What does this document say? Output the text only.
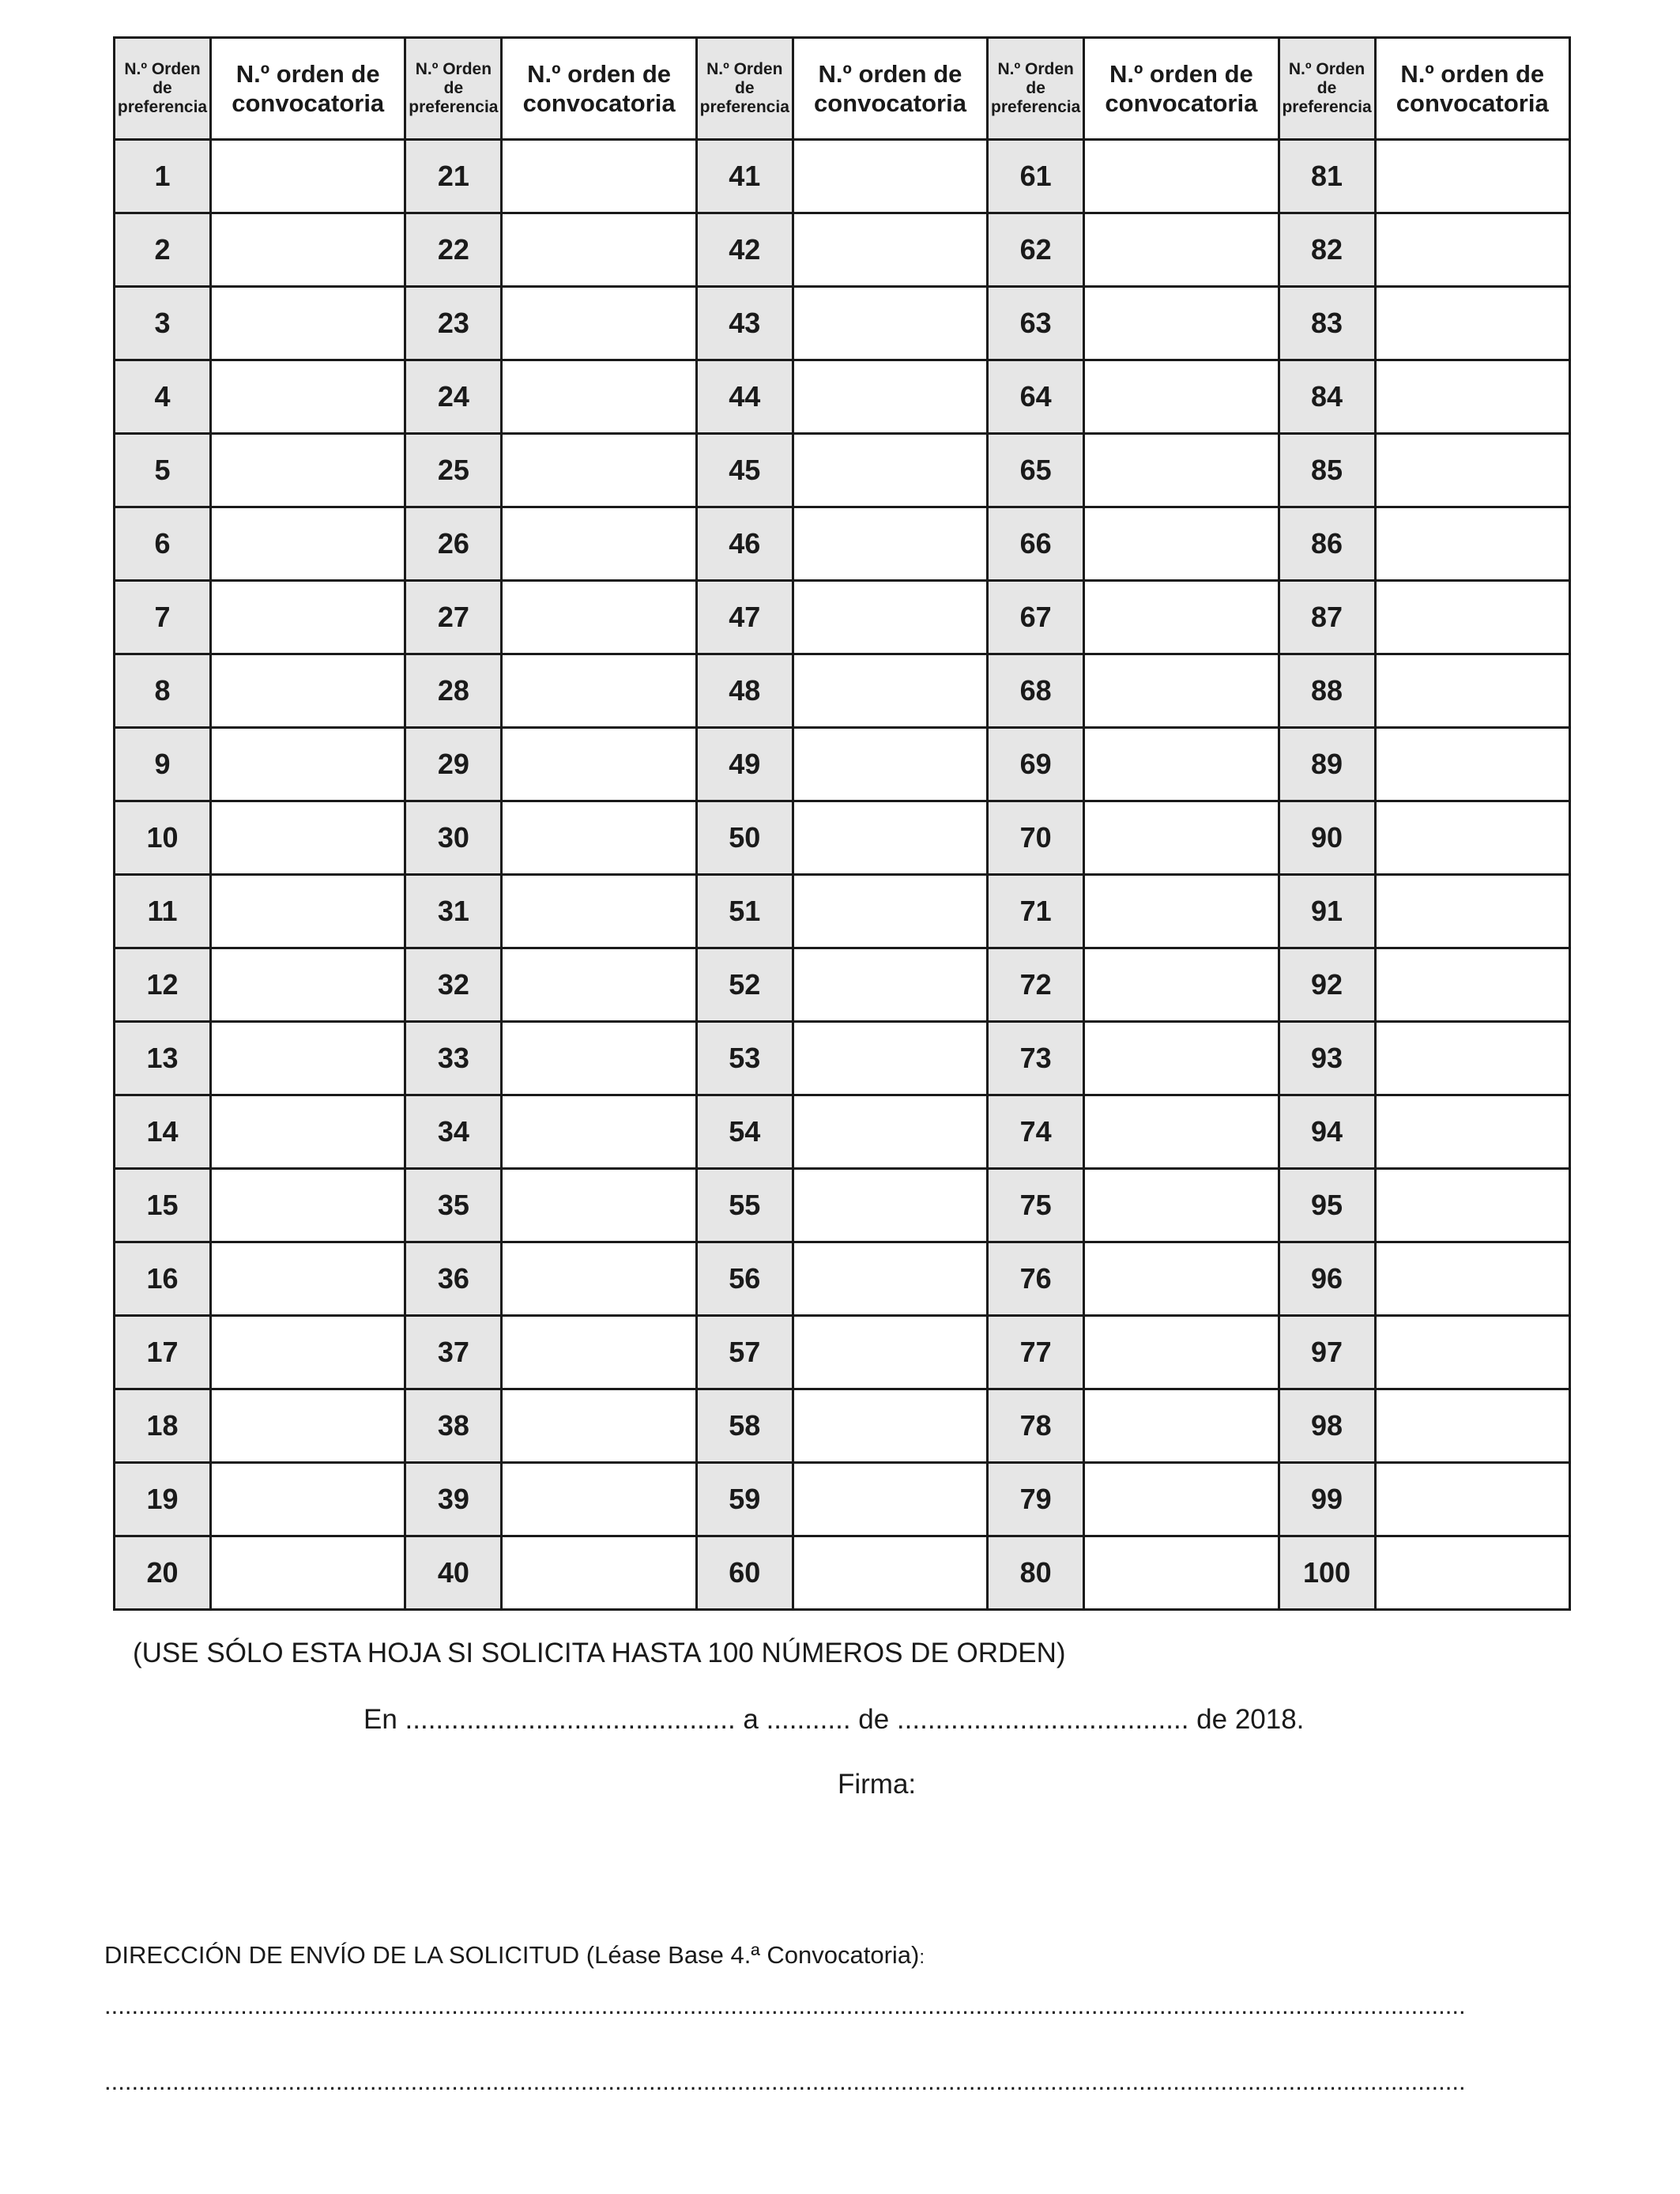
N.º Orden
de
preferencia	N.º orden de
convocatoria	N.º Orden
de
preferencia	N.º orden de
convocatoria	N.º Orden
de
preferencia	N.º orden de
convocatoria	N.º Orden
de
preferencia	N.º orden de
convocatoria	N.º Orden
de
preferencia	N.º orden de
convocatoria

1		21		41		61		81	
2		22		42		62		82	
3		23		43		63		83	
4		24		44		64		84	
5		25		45		65		85	
6		26		46		66		86	
7		27		47		67		87	
8		28		48		68		88	
9		29		49		69		89	
10		30		50		70		90	
11		31		51		71		91	
12		32		52		72		92	
13		33		53		73		93	
14		34		54		74		94	
15		35		55		75		95	
16		36		56		76		96	
17		37		57		77		97	
18		38		58		78		98	
19		39		59		79		99	
20		40		60		80		100	
(USE SÓLO ESTA HOJA SI SOLICITA HASTA 100 NÚMEROS DE ORDEN)
En ........................................... a ........... de ...................................... de 2018.
Firma:
DIRECCIÓN DE ENVÍO DE LA SOLICITUD (Léase Base 4.ª Convocatoria):
........................................................................................................................................................................................................
........................................................................................................................................................................................................
